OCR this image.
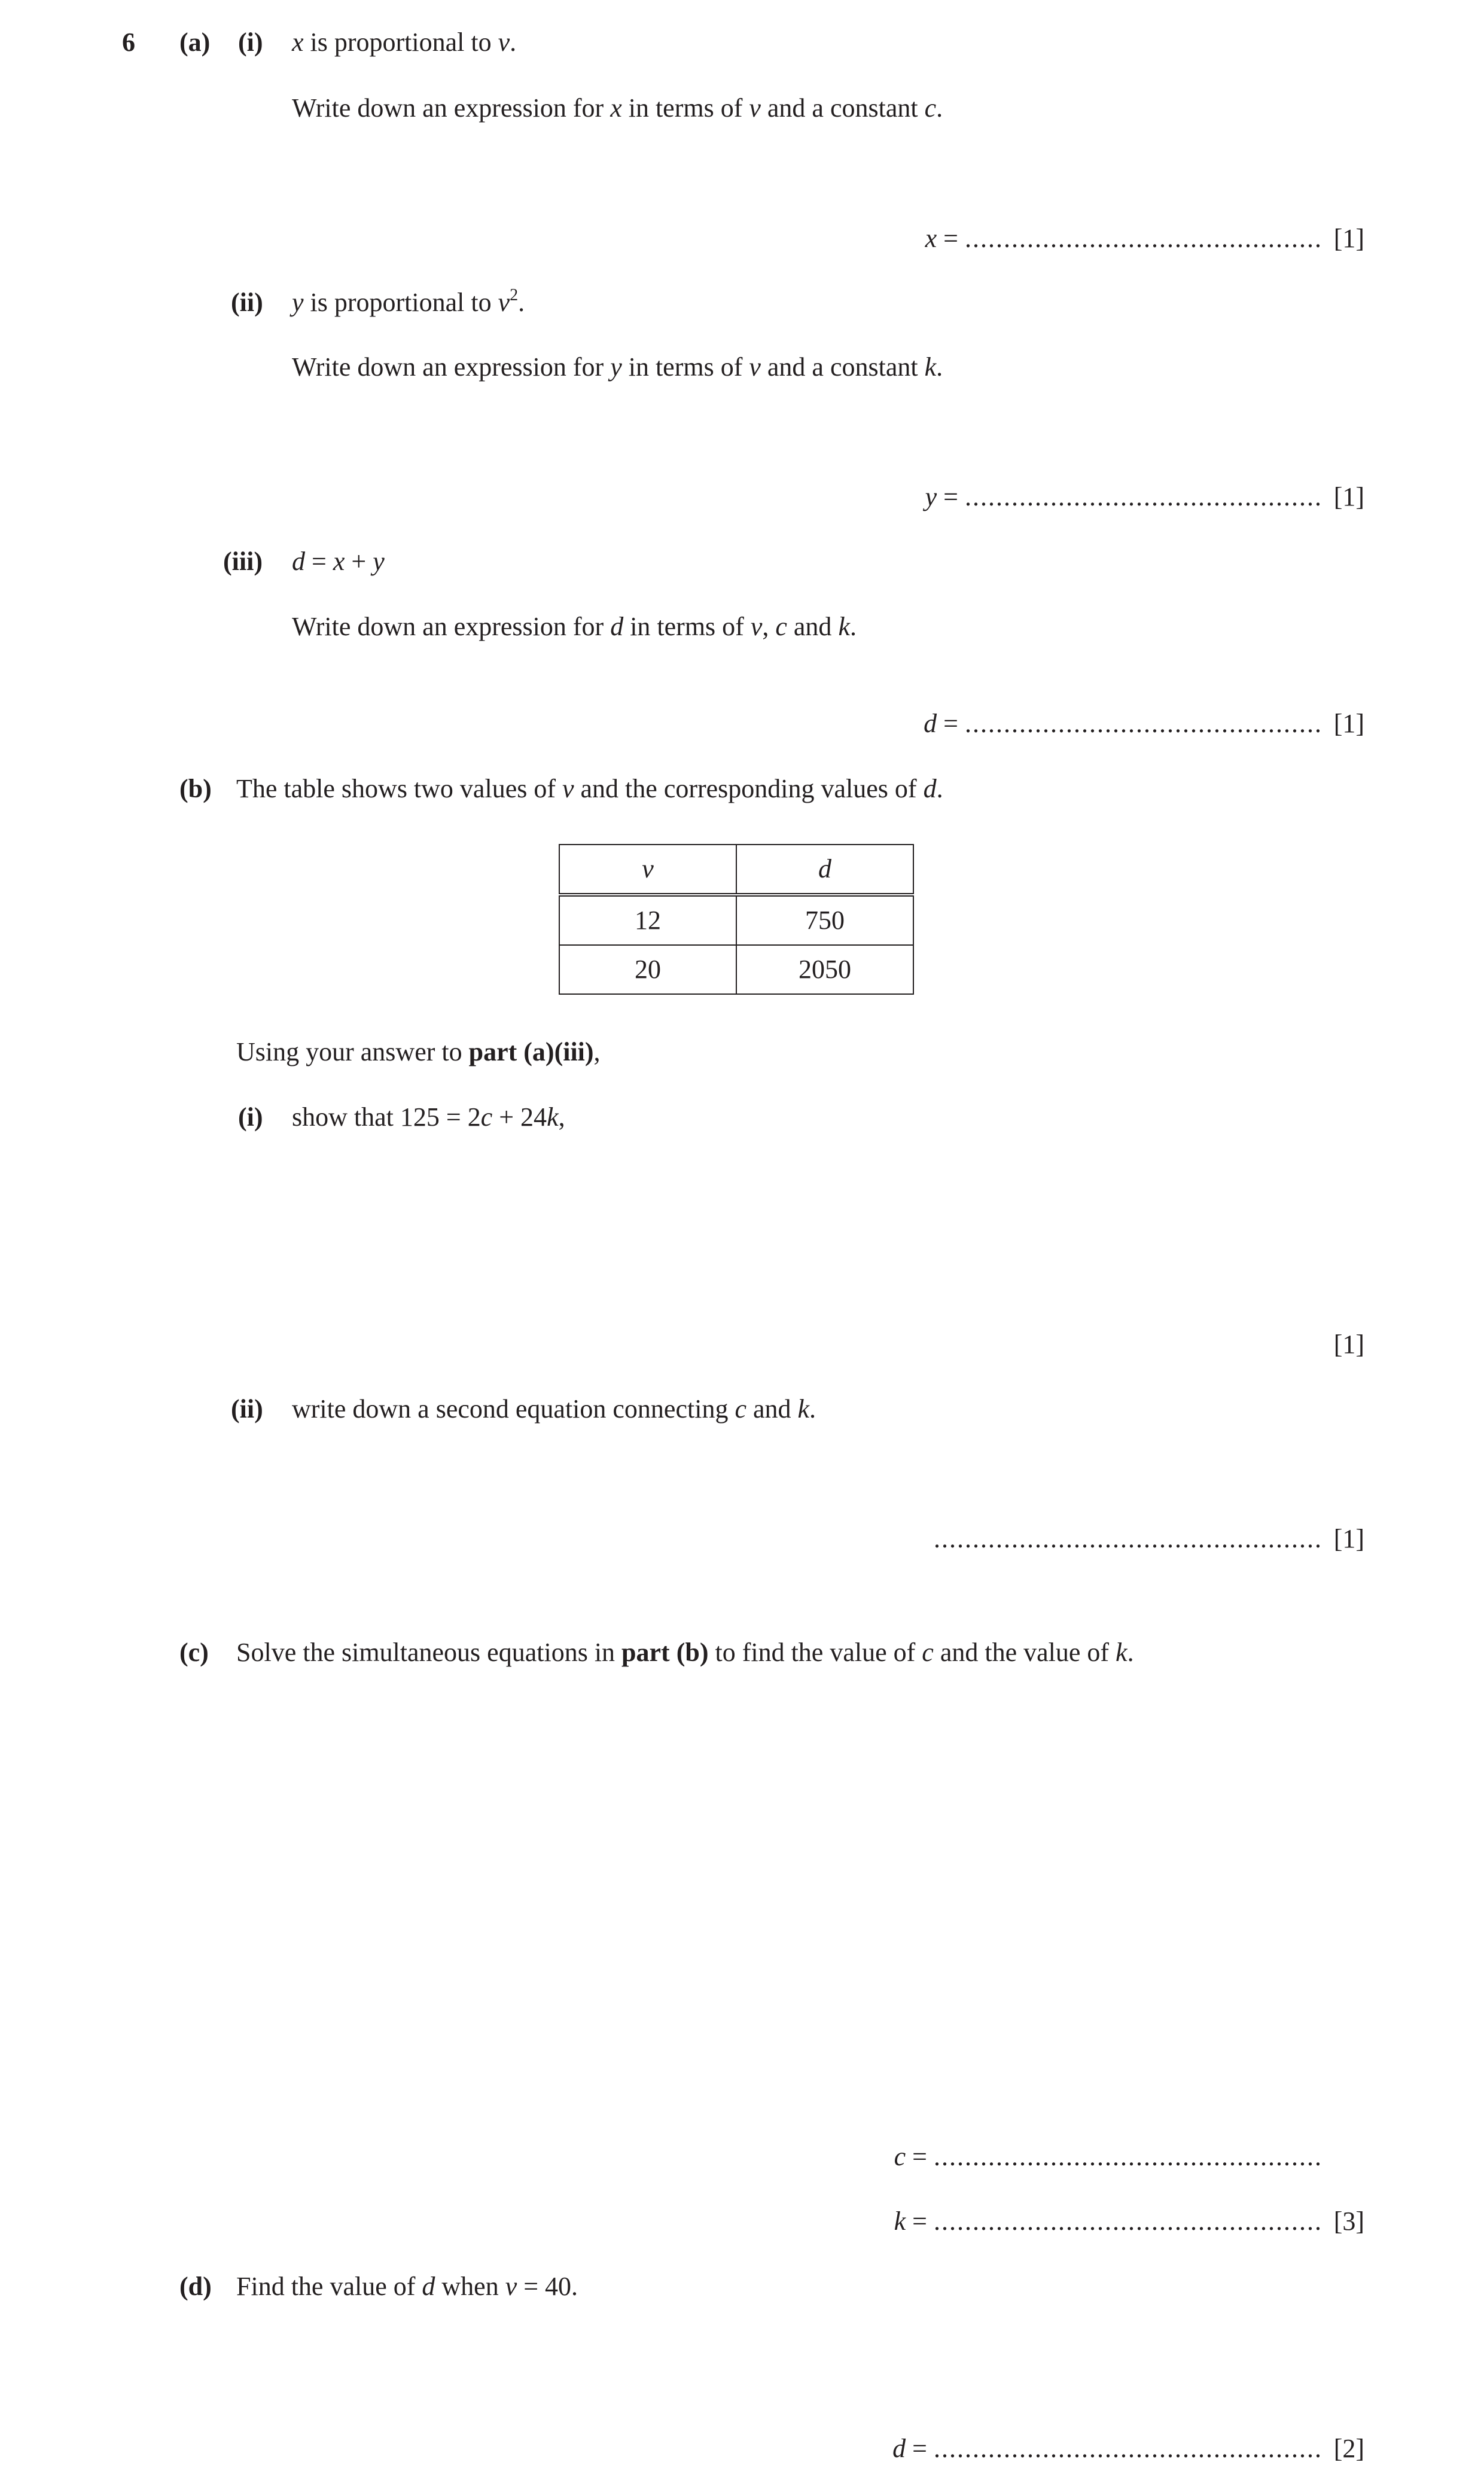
6 (a) (i) x is proportional to v.
Write down an expression for x in terms of v and a constant c.
x = .............................................. [1]
(ii) y is proportional to $v^2$.
Write down an expression for y in terms of v and a constant k.
y = .............................................. [1]
(iii) d = x + y
Write down an expression for d in terms of v, c and k.
d = .............................................. [1]
(b) The table shows two values of v and the corresponding values of d.
v	d
12	750
20	2050
Using your answer to part (a)(iii),
(i) show that 125 = 2c + 24k,
[1]
(ii) write down a second equation connecting c and k.
.................................................. [1]
(c) Solve the simultaneous equations in part (b) to find the value of c and the value of k.
c = ..................................................
k = .................................................. [3]
(d) Find the value of d when v = 40.
d = .................................................. [2]
